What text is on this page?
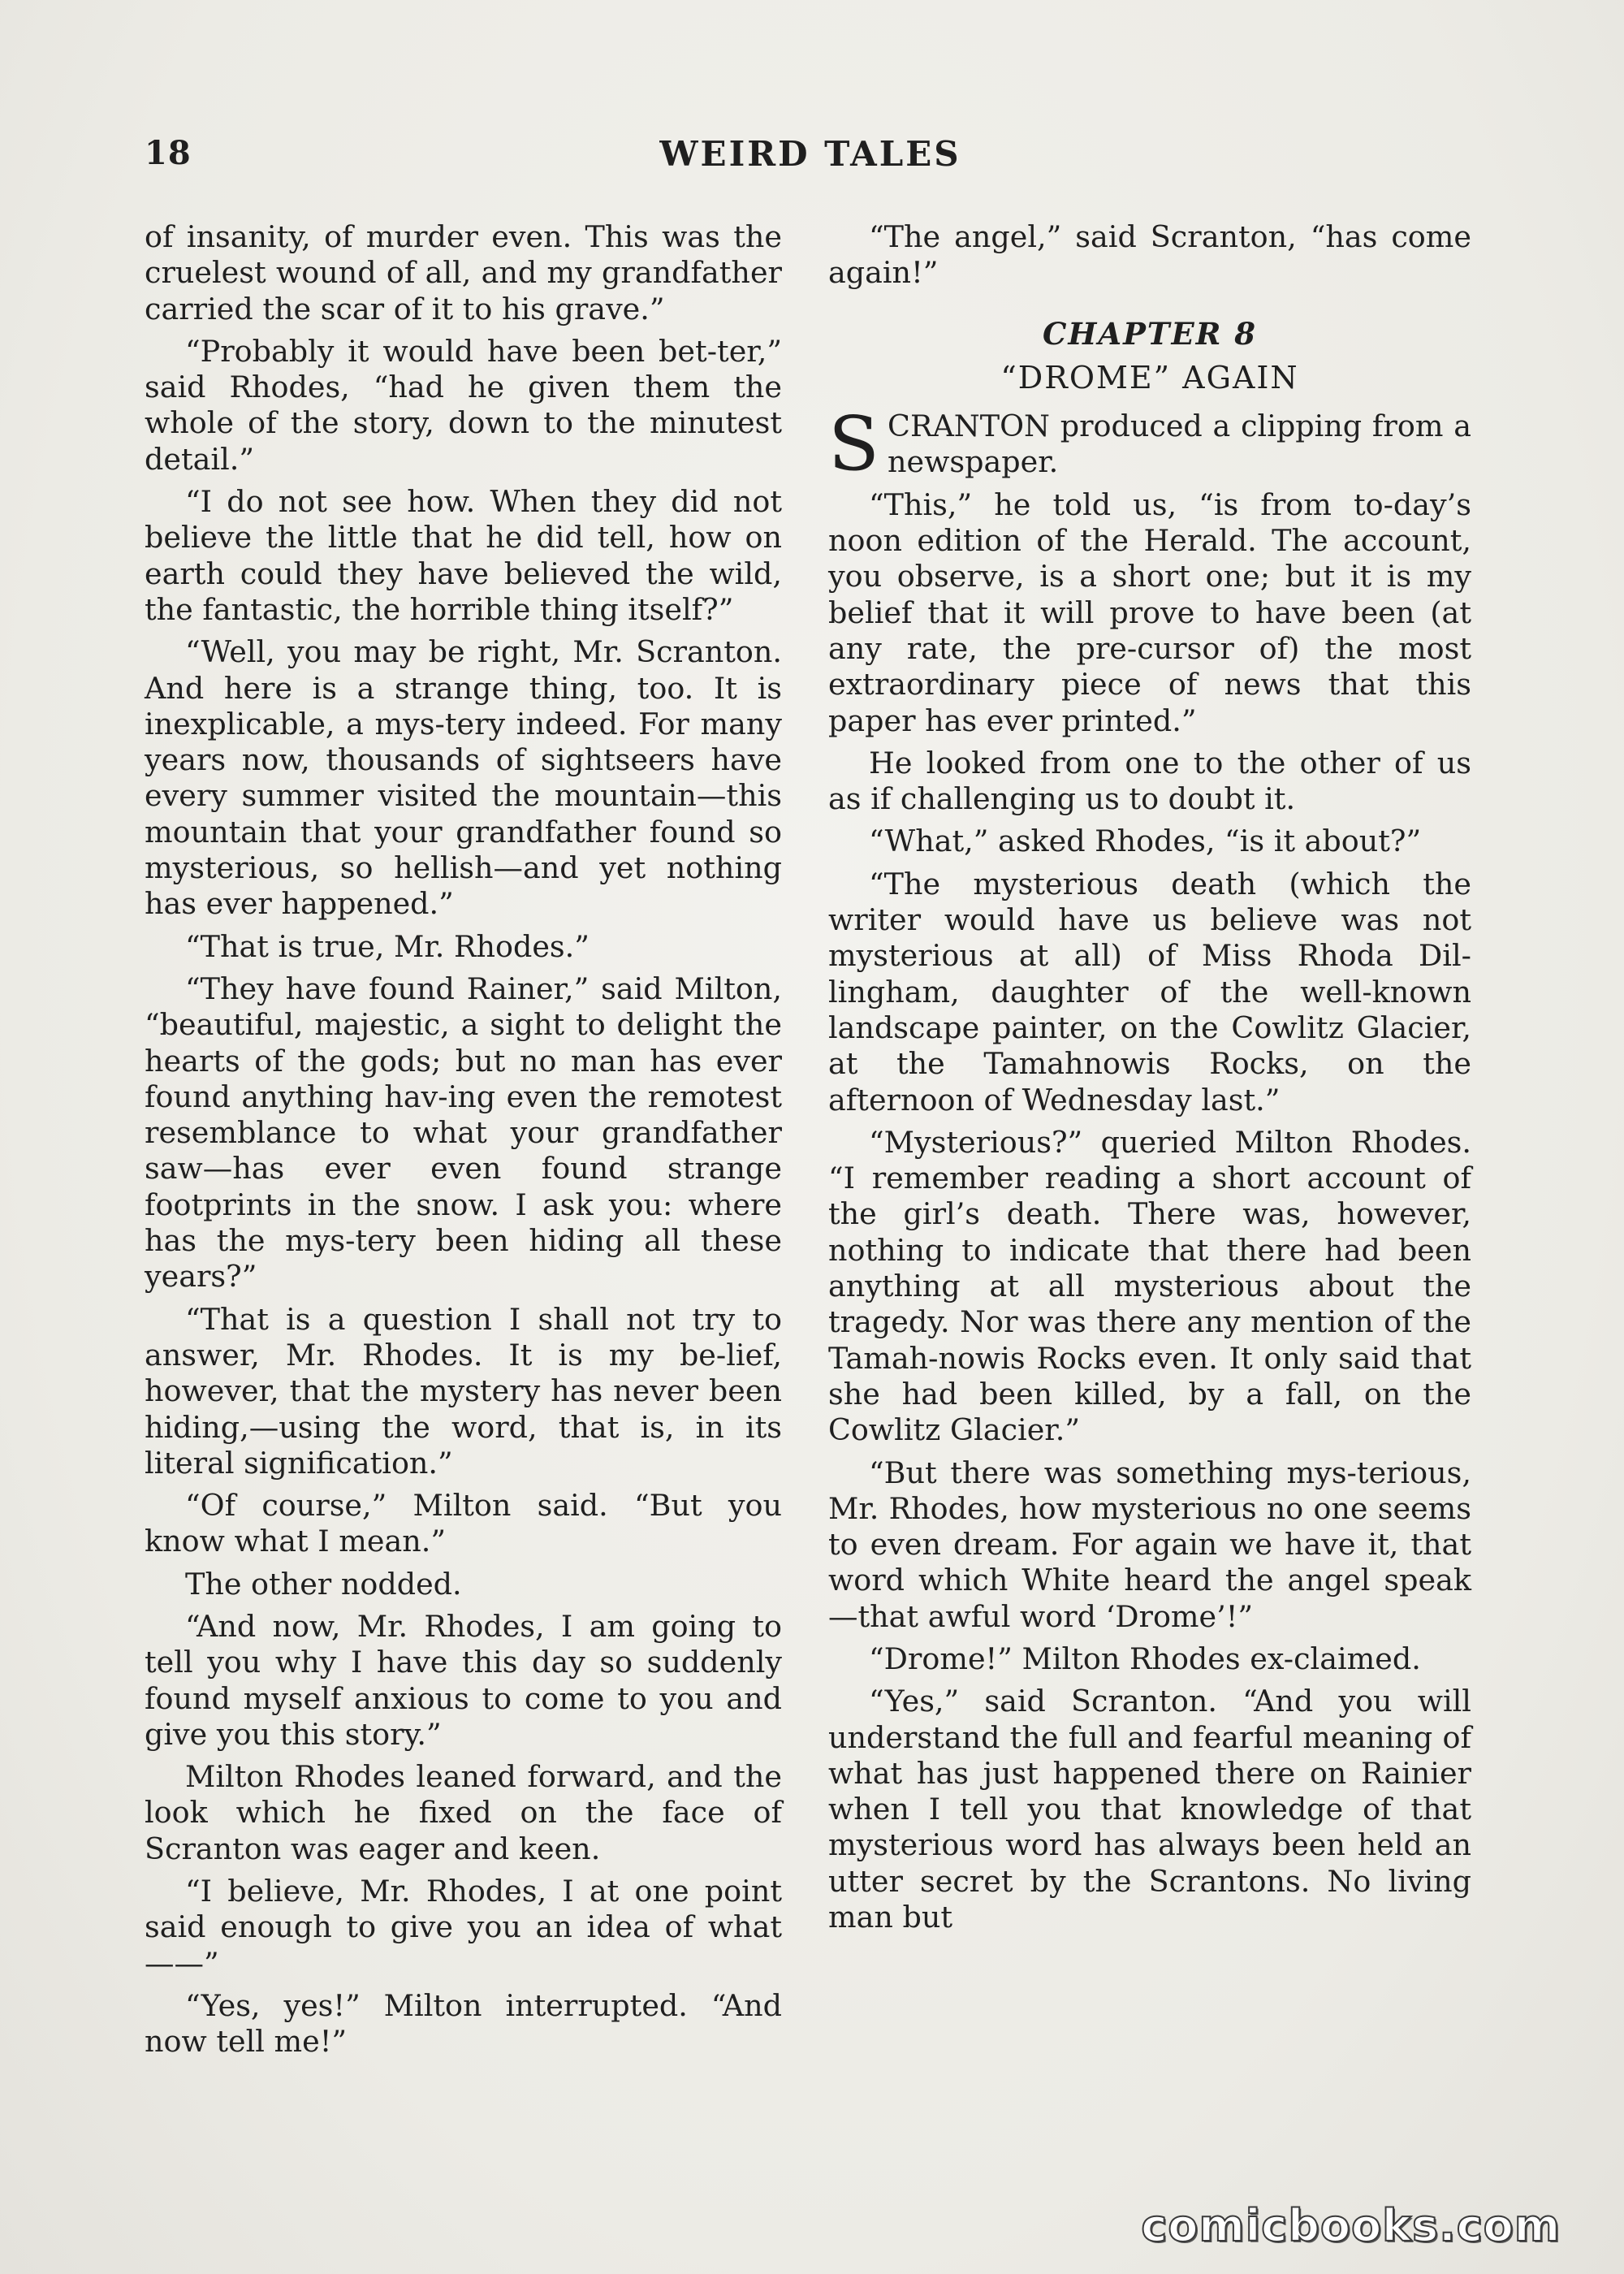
18	WEIRD TALES

of insanity, of murder even. This was the cruelest wound of all, and my grandfather carried the scar of it to his grave.”

“Probably it would have been bet-ter,” said Rhodes, “had he given them the whole of the story, down to the minutest detail.”

“I do not see how. When they did not believe the little that he did tell, how on earth could they have believed the wild, the fantastic, the horrible thing itself?”

“Well, you may be right, Mr. Scranton. And here is a strange thing, too. It is inexplicable, a mys-tery indeed. For many years now, thousands of sightseers have every summer visited the mountain—this mountain that your grandfather found so mysterious, so hellish—and yet nothing has ever happened.”

“That is true, Mr. Rhodes.”

“They have found Rainer,” said Milton, “beautiful, majestic, a sight to delight the hearts of the gods; but no man has ever found anything hav-ing even the remotest resemblance to what your grandfather saw—has ever even found strange footprints in the snow. I ask you: where has the mys-tery been hiding all these years?”

“That is a question I shall not try to answer, Mr. Rhodes. It is my be-lief, however, that the mystery has never been hiding,—using the word, that is, in its literal signification.”

“Of course,” Milton said. “But you know what I mean.”

The other nodded.

“And now, Mr. Rhodes, I am going to tell you why I have this day so suddenly found myself anxious to come to you and give you this story.”

Milton Rhodes leaned forward, and the look which he fixed on the face of Scranton was eager and keen.

“I believe, Mr. Rhodes, I at one point said enough to give you an idea of what——”

“Yes, yes!” Milton interrupted. “And now tell me!”

“The angel,” said Scranton, “has come again!”

CHAPTER 8
“DROME” AGAIN

SCRANTON produced a clipping from a newspaper.

“This,” he told us, “is from to-day’s noon edition of the Herald. The account, you observe, is a short one; but it is my belief that it will prove to have been (at any rate, the pre-cursor of) the most extraordinary piece of news that this paper has ever printed.”

He looked from one to the other of us as if challenging us to doubt it.

“What,” asked Rhodes, “is it about?”

“The mysterious death (which the writer would have us believe was not mysterious at all) of Miss Rhoda Dil-lingham, daughter of the well-known landscape painter, on the Cowlitz Glacier, at the Tamahnowis Rocks, on the afternoon of Wednesday last.”

“Mysterious?” queried Milton Rhodes. “I remember reading a short account of the girl’s death. There was, however, nothing to indicate that there had been anything at all mysterious about the tragedy. Nor was there any mention of the Tamah-nowis Rocks even. It only said that she had been killed, by a fall, on the Cowlitz Glacier.”

“But there was something mys-terious, Mr. Rhodes, how mysterious no one seems to even dream. For again we have it, that word which White heard the angel speak—that awful word ‘Drome’!”

“Drome!” Milton Rhodes ex-claimed.

“Yes,” said Scranton. “And you will understand the full and fearful meaning of what has just happened there on Rainier when I tell you that knowledge of that mysterious word has always been held an utter secret by the Scrantons. No living man but

comicbooks.com
